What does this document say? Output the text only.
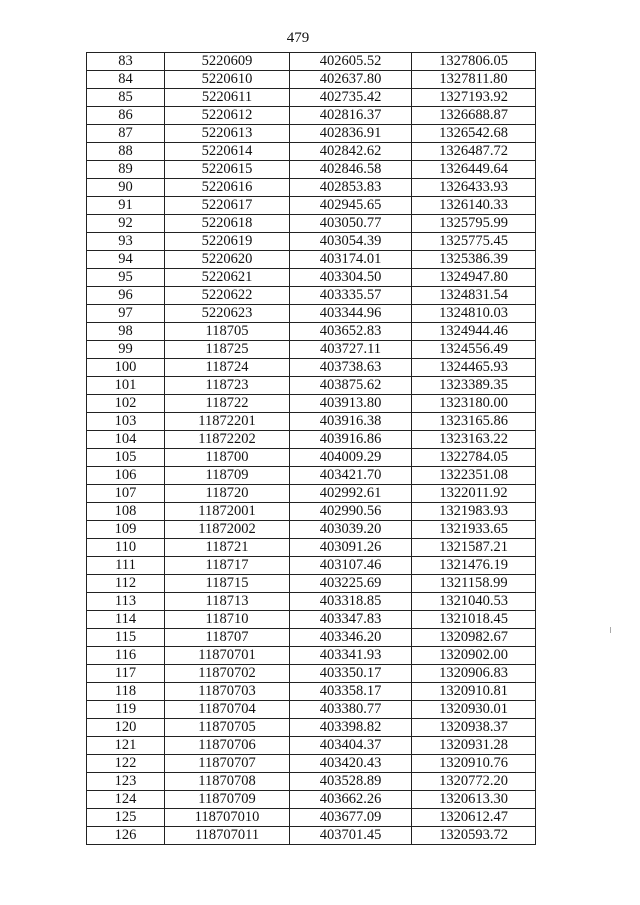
479
83	5220609	402605.52	1327806.05
84	5220610	402637.80	1327811.80
85	5220611	402735.42	1327193.92
86	5220612	402816.37	1326688.87
87	5220613	402836.91	1326542.68
88	5220614	402842.62	1326487.72
89	5220615	402846.58	1326449.64
90	5220616	402853.83	1326433.93
91	5220617	402945.65	1326140.33
92	5220618	403050.77	1325795.99
93	5220619	403054.39	1325775.45
94	5220620	403174.01	1325386.39
95	5220621	403304.50	1324947.80
96	5220622	403335.57	1324831.54
97	5220623	403344.96	1324810.03
98	118705	403652.83	1324944.46
99	118725	403727.11	1324556.49
100	118724	403738.63	1324465.93
101	118723	403875.62	1323389.35
102	118722	403913.80	1323180.00
103	11872201	403916.38	1323165.86
104	11872202	403916.86	1323163.22
105	118700	404009.29	1322784.05
106	118709	403421.70	1322351.08
107	118720	402992.61	1322011.92
108	11872001	402990.56	1321983.93
109	11872002	403039.20	1321933.65
110	118721	403091.26	1321587.21
111	118717	403107.46	1321476.19
112	118715	403225.69	1321158.99
113	118713	403318.85	1321040.53
114	118710	403347.83	1321018.45
115	118707	403346.20	1320982.67
116	11870701	403341.93	1320902.00
117	11870702	403350.17	1320906.83
118	11870703	403358.17	1320910.81
119	11870704	403380.77	1320930.01
120	11870705	403398.82	1320938.37
121	11870706	403404.37	1320931.28
122	11870707	403420.43	1320910.76
123	11870708	403528.89	1320772.20
124	11870709	403662.26	1320613.30
125	118707010	403677.09	1320612.47
126	118707011	403701.45	1320593.72
